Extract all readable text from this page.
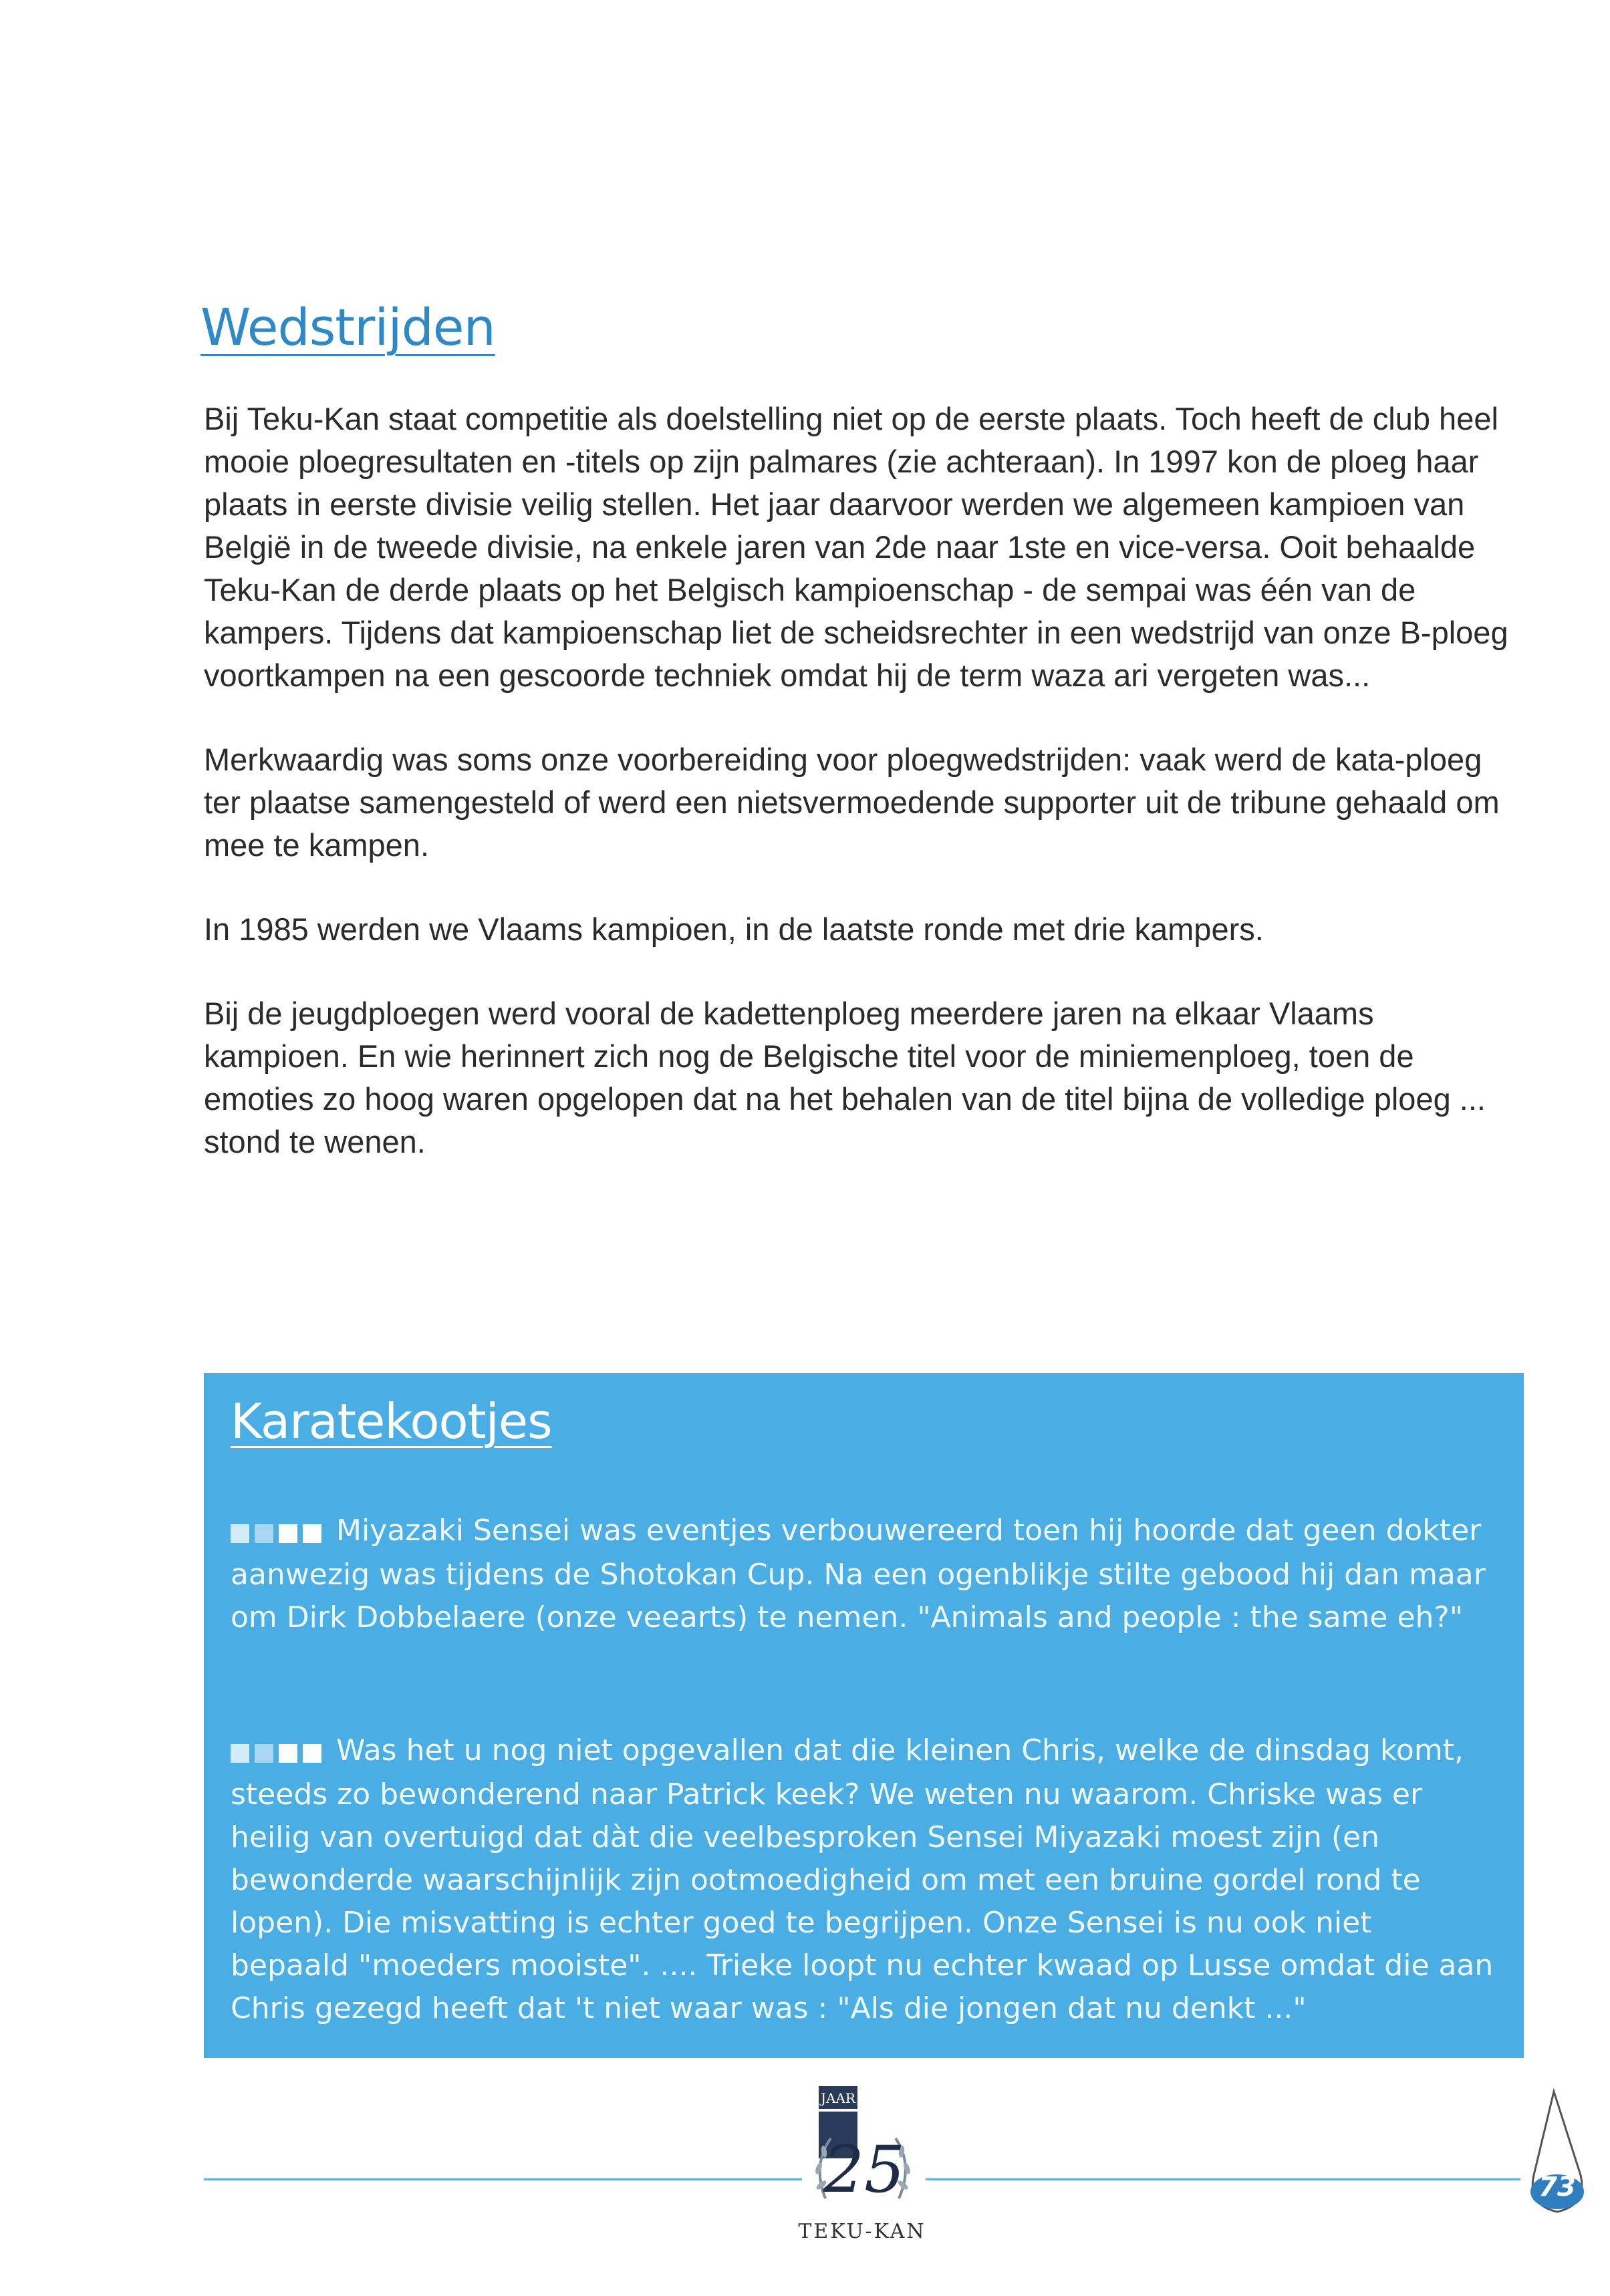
Wedstrijden

Bij Teku-Kan staat competitie als doelstelling niet op de eerste plaats. Toch heeft de club heel mooie ploegresultaten en -titels op zijn palmares (zie achteraan). In 1997 kon de ploeg haar plaats in eerste divisie veilig stellen. Het jaar daarvoor werden we algemeen kampioen van België in de tweede divisie, na enkele jaren van 2de naar 1ste en vice-versa. Ooit behaalde Teku-Kan de derde plaats op het Belgisch kampioenschap - de sempai was één van de kampers. Tijdens dat kampioenschap liet de scheidsrechter in een wedstrijd van onze B-ploeg voortkampen na een gescoorde techniek omdat hij de term waza ari vergeten was...

Merkwaardig was soms onze voorbereiding voor ploegwedstrijden: vaak werd de kata-ploeg ter plaatse samengesteld of werd een nietsvermoedende supporter uit de tribune gehaald om mee te kampen.

In 1985 werden we Vlaams kampioen, in de laatste ronde met drie kampers.

Bij de jeugdploegen werd vooral de kadettenploeg meerdere jaren na elkaar Vlaams kampioen. En wie herinnert zich nog de Belgische titel voor de miniemenploeg, toen de emoties zo hoog waren opgelopen dat na het behalen van de titel bijna de volledige ploeg ... stond te wenen.

Karatekootjes

Miyazaki Sensei was eventjes verbouwereerd toen hij hoorde dat geen dokter aanwezig was tijdens de Shotokan Cup. Na een ogenblikje stilte gebood hij dan maar om Dirk Dobbelaere (onze veearts) te nemen. "Animals and people : the same eh?"

Was het u nog niet opgevallen dat die kleinen Chris, welke de dinsdag komt, steeds zo bewonderend naar Patrick keek? We weten nu waarom. Chriske was er heilig van overtuigd dat dàt die veelbesproken Sensei Miyazaki moest zijn (en bewonderde waarschijnlijk zijn ootmoedigheid om met een bruine gordel rond te lopen). Die misvatting is echter goed te begrijpen. Onze Sensei is nu ook niet bepaald "moeders mooiste". .... Trieke loopt nu echter kwaad op Lusse omdat die aan Chris gezegd heeft dat 't niet waar was : "Als die jongen dat nu denkt ..."

JAAR
25
TEKU-KAN
73
